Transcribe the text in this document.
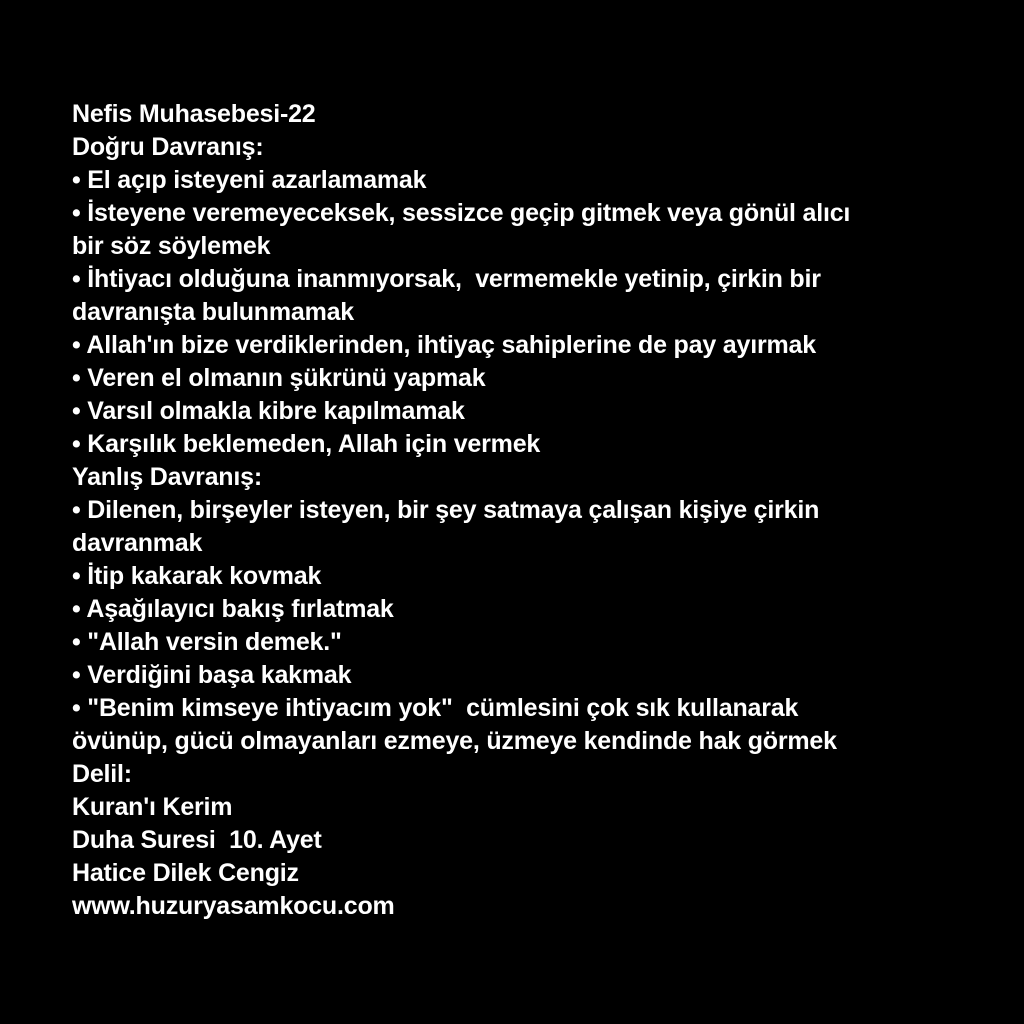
Nefis Muhasebesi-22

Doğru Davranış:

• El açıp isteyeni azarlamamak

• İsteyene veremeyeceksek, sessizce geçip gitmek veya gönül alıcı

bir söz söylemek

• İhtiyacı olduğuna inanmıyorsak,  vermemekle yetinip, çirkin bir

davranışta bulunmamak

• Allah'ın bize verdiklerinden, ihtiyaç sahiplerine de pay ayırmak

• Veren el olmanın şükrünü yapmak

• Varsıl olmakla kibre kapılmamak

• Karşılık beklemeden, Allah için vermek

Yanlış Davranış:

• Dilenen, birşeyler isteyen, bir şey satmaya çalışan kişiye çirkin

davranmak

• İtip kakarak kovmak

• Aşağılayıcı bakış fırlatmak

• "Allah versin demek."

• Verdiğini başa kakmak

• "Benim kimseye ihtiyacım yok"  cümlesini çok sık kullanarak

övünüp, gücü olmayanları ezmeye, üzmeye kendinde hak görmek

Delil:

Kuran'ı Kerim

Duha Suresi  10. Ayet

Hatice Dilek Cengiz

www.huzuryasamkocu.com
